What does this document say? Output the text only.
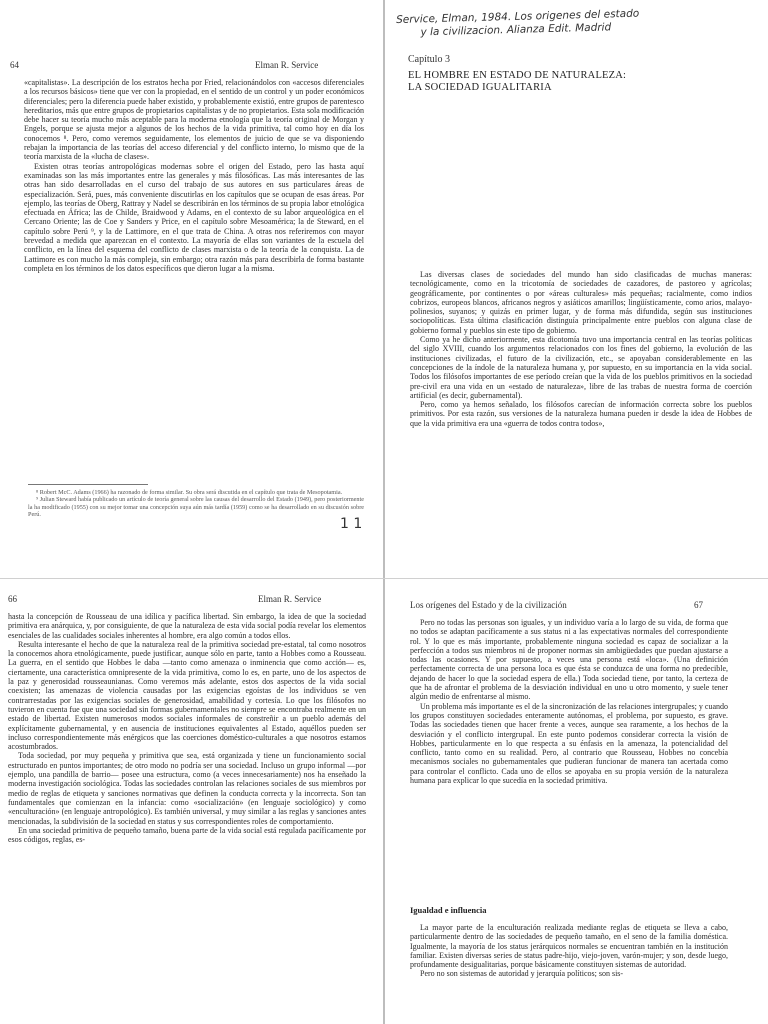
64	Elman R. Service

«capitalistas». La descripción de los estratos hecha por Fried, relacionándolos con «accesos diferenciales a los recursos básicos» tiene que ver con la propiedad, en el sentido de un control y un poder económicos diferenciales; pero la diferencia puede haber existido, y probablemente existió, entre grupos de parentesco hereditarios, más que entre grupos de propietarios capitalistas y de no propietarios. Esta sola modificación debe hacer su teoría mucho más aceptable para la moderna etnología que la teoría original de Morgan y Engels, porque se ajusta mejor a algunos de los hechos de la vida primitiva, tal como hoy en día los conocemos ⁸. Pero, como veremos seguidamente, los elementos de juicio de que se va disponiendo rebajan la importancia de las teorías del acceso diferencial y del conflicto interno, lo mismo que de la teoría marxista de la «lucha de clases».

Existen otras teorías antropológicas modernas sobre el origen del Estado, pero las hasta aquí examinadas son las más importantes entre las generales y más filosóficas. Las más interesantes de las otras han sido desarrolladas en el curso del trabajo de sus autores en sus particulares áreas de especialización. Será, pues, más conveniente discutirlas en los capítulos que se ocupan de esas áreas. Por ejemplo, las teorías de Oberg, Rattray y Nadel se describirán en los términos de su propia labor etnológica efectuada en África; las de Childe, Braidwood y Adams, en el contexto de su labor arqueológica en el Cercano Oriente; las de Coe y Sanders y Price, en el capítulo sobre Mesoamérica; la de Steward, en el capítulo sobre Perú ⁹, y la de Lattimore, en el que trata de China. A otras nos referiremos con mayor brevedad a medida que aparezcan en el contexto. La mayoría de ellas son variantes de la escuela del conflicto, en la línea del esquema del conflicto de clases marxista o de la teoría de la conquista. La de Lattimore es con mucho la más compleja, sin embargo; otra razón más para describirla de forma bastante completa en los términos de los datos específicos que dieron lugar a la misma.

⁸ Robert McC. Adams (1966) ha razonado de forma similar. Su obra será discutida en el capítulo que trata de Mesopotamia.

⁹ Julian Steward había publicado un artículo de teoría general sobre las causas del desarrollo del Estado (1949), pero posteriormente la ha modificado (1955) con su mejor tomar una concepción suya aún más tardía (1959) como se ha desarrollado en su discusión sobre Perú.

Service, Elman, 1984. Los origenes del estado
y la civilizacion. Alianza Edit. Madrid
Capítulo 3
EL HOMBRE EN ESTADO DE NATURALEZA:
LA SOCIEDAD IGUALITARIA

Las diversas clases de sociedades del mundo han sido clasificadas de muchas maneras: tecnológicamente, como en la tricotomía de sociedades de cazadores, de pastoreo y agrícolas; geográficamente, por continentes o por «áreas culturales» más pequeñas; racialmente, como indios cobrizos, europeos blancos, africanos negros y asiáticos amarillos; lingüísticamente, como arios, malayo-polinesios, suyanos; y quizás en primer lugar, y de forma más difundida, según sus instituciones sociopolíticas. Esta última clasificación distinguía principalmente entre pueblos con alguna clase de gobierno formal y pueblos sin este tipo de gobierno.

Como ya he dicho anteriormente, esta dicotomía tuvo una importancia central en las teorías políticas del siglo XVIII, cuando los argumentos relacionados con los fines del gobierno, la evolución de las instituciones civilizadas, el futuro de la civilización, etc., se apoyaban considerablemente en las concepciones de la índole de la naturaleza humana y, por supuesto, en su importancia en la vida social. Todos los filósofos importantes de ese período creían que la vida de los pueblos primitivos en la sociedad pre-civil era una vida en un «estado de naturaleza», libre de las trabas de nuestra forma de coerción artificial (es decir, gubernamental).

Pero, como ya hemos señalado, los filósofos carecían de información correcta sobre los pueblos primitivos. Por esta razón, sus versiones de la naturaleza humana pueden ir desde la idea de Hobbes de que la vida primitiva era una «guerra de todos contra todos»,

1 1
66	Elman R. Service

hasta la concepción de Rousseau de una idílica y pacífica libertad. Sin embargo, la idea de que la sociedad primitiva era anárquica, y, por consiguiente, de que la naturaleza de esta vida social podía revelar los elementos esenciales de las cualidades sociales inherentes al hombre, era algo común a todos ellos.

Resulta interesante el hecho de que la naturaleza real de la primitiva sociedad pre-estatal, tal como nosotros la conocemos ahora etnológicamente, puede justificar, aunque sólo en parte, tanto a Hobbes como a Rousseau. La guerra, en el sentido que Hobbes le daba —tanto como amenaza o inminencia que como acción— es, ciertamente, una característica omnipresente de la vida primitiva, como lo es, en parte, uno de los aspectos de la paz y generosidad rousseaunianas. Como veremos más adelante, estos dos aspectos de la vida social coexisten; las amenazas de violencia causadas por las exigencias egoístas de los individuos se ven contrarrestadas por las exigencias sociales de generosidad, amabilidad y cortesía. Lo que los filósofos no tuvieron en cuenta fue que una sociedad sin formas gubernamentales no siempre se encontraba realmente en un estado de libertad. Existen numerosos modos sociales informales de constreñir a un pueblo además del explícitamente gubernamental, y en ausencia de instituciones equivalentes al Estado, aquéllos pueden ser incluso correspondientemente más enérgicos que las coerciones doméstico-culturales a que nosotros estamos acostumbrados.

Toda sociedad, por muy pequeña y primitiva que sea, está organizada y tiene un funcionamiento social estructurado en puntos importantes; de otro modo no podría ser una sociedad. Incluso un grupo informal —por ejemplo, una pandilla de barrio— posee una estructura, como (a veces innecesariamente) nos ha enseñado la moderna investigación sociológica. Todas las sociedades controlan las relaciones sociales de sus miembros por medio de reglas de etiqueta y sanciones normativas que definen la conducta correcta y la incorrecta. Son tan fundamentales que comienzan en la infancia: como «socialización» (en lenguaje sociológico) y como «enculturación» (en lenguaje antropológico). Es también universal, y muy similar a las reglas y sanciones antes mencionadas, la subdivisión de la sociedad en status y sus correspondientes roles de comportamiento.

En una sociedad primitiva de pequeño tamaño, buena parte de la vida social está regulada pacíficamente por esos códigos, reglas, es-

Los orígenes del Estado y de la civilización	67

Pero no todas las personas son iguales, y un individuo varía a lo largo de su vida, de forma que no todos se adaptan pacíficamente a sus status ni a las expectativas normales del correspondiente rol. Y lo que es más importante, probablemente ninguna sociedad es capaz de socializar a la perfección a todos sus miembros ni de proponer normas sin ambigüedades que puedan ajustarse a todas las ocasiones. Y por supuesto, a veces una persona está «loca». (Una definición perfectamente correcta de una persona loca es que ésta se conduzca de una forma no predecible, dejando de hacer lo que la sociedad espera de ella.) Toda sociedad tiene, por tanto, la certeza de que ha de afrontar el problema de la desviación individual en uno u otro momento, y suele tener algún medio de enfrentarse al mismo.

Un problema más importante es el de la sincronización de las relaciones intergrupales; y cuando los grupos constituyen sociedades enteramente autónomas, el problema, por supuesto, es grave. Todas las sociedades tienen que hacer frente a veces, aunque sea raramente, a los hechos de la desviación y el conflicto intergrupal. En este punto podemos considerar correcta la visión de Hobbes, particularmente en lo que respecta a su énfasis en la amenaza, la potencialidad del conflicto, tanto como en su realidad. Pero, al contrario que Rousseau, Hobbes no concebía mecanismos sociales no gubernamentales que pudieran funcionar de manera tan acertada como para controlar el conflicto. Cada uno de ellos se apoyaba en su propia versión de la naturaleza humana para explicar lo que sucedía en la sociedad primitiva.

Igualdad e influencia

La mayor parte de la enculturación realizada mediante reglas de etiqueta se lleva a cabo, particularmente dentro de las sociedades de pequeño tamaño, en el seno de la familia doméstica. Igualmente, la mayoría de los status jerárquicos normales se encuentran también en la institución familiar. Existen diversas series de status padre-hijo, viejo-joven, varón-mujer; y son, desde luego, profundamente desigualitarias, porque básicamente constituyen sistemas de autoridad.

Pero no son sistemas de autoridad y jerarquía políticos; son sis-
